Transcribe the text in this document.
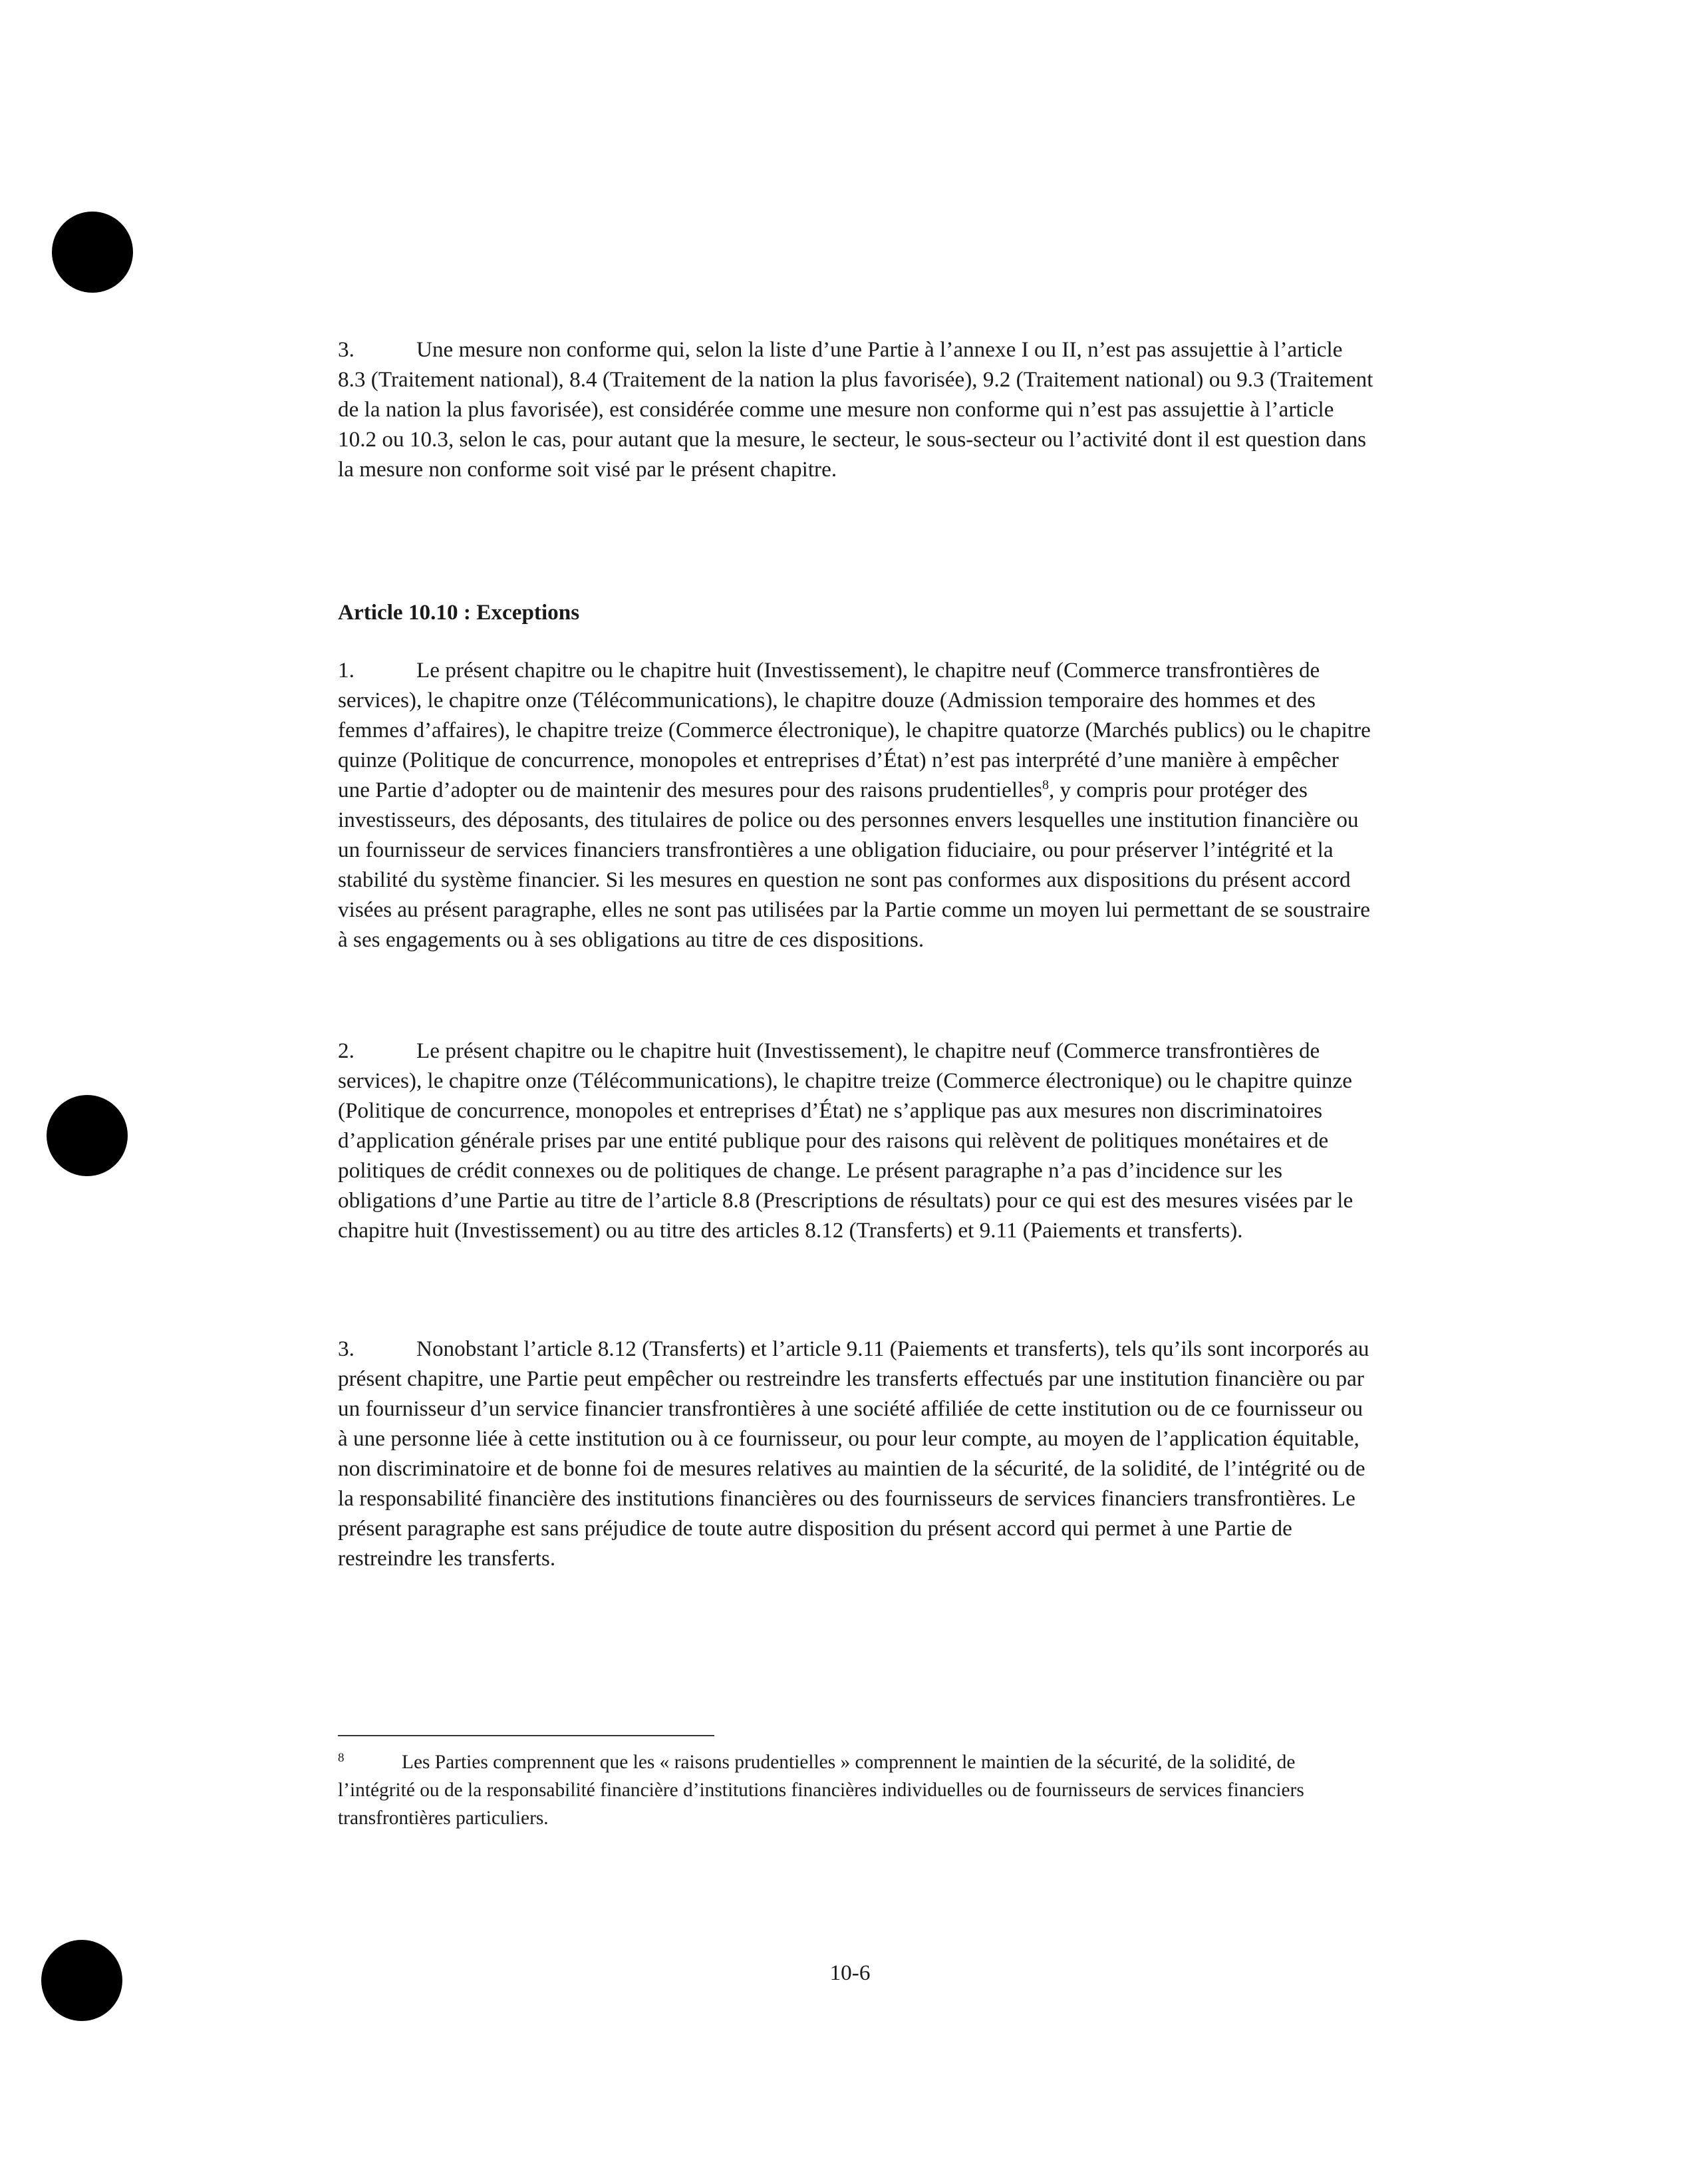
3.	Une mesure non conforme qui, selon la liste d’une Partie à l’annexe I ou II, n’est pas assujettie à l’article 8.3 (Traitement national), 8.4 (Traitement de la nation la plus favorisée), 9.2 (Traitement national) ou 9.3 (Traitement de la nation la plus favorisée), est considérée comme une mesure non conforme qui n’est pas assujettie à l’article 10.2 ou 10.3, selon le cas, pour autant que la mesure, le secteur, le sous-secteur ou l’activité dont il est question dans la mesure non conforme soit visé par le présent chapitre.

Article 10.10 : Exceptions

1.	Le présent chapitre ou le chapitre huit (Investissement), le chapitre neuf (Commerce transfrontières de services), le chapitre onze (Télécommunications), le chapitre douze (Admission temporaire des hommes et des femmes d’affaires), le chapitre treize (Commerce électronique), le chapitre quatorze (Marchés publics) ou le chapitre quinze (Politique de concurrence, monopoles et entreprises d’État) n’est pas interprété d’une manière à empêcher une Partie d’adopter ou de maintenir des mesures pour des raisons prudentielles$^8$, y compris pour protéger des investisseurs, des déposants, des titulaires de police ou des personnes envers lesquelles une institution financière ou un fournisseur de services financiers transfrontières a une obligation fiduciaire, ou pour préserver l’intégrité et la stabilité du système financier. Si les mesures en question ne sont pas conformes aux dispositions du présent accord visées au présent paragraphe, elles ne sont pas utilisées par la Partie comme un moyen lui permettant de se soustraire à ses engagements ou à ses obligations au titre de ces dispositions.

2.	Le présent chapitre ou le chapitre huit (Investissement), le chapitre neuf (Commerce transfrontières de services), le chapitre onze (Télécommunications), le chapitre treize (Commerce électronique) ou le chapitre quinze (Politique de concurrence, monopoles et entreprises d’État) ne s’applique pas aux mesures non discriminatoires d’application générale prises par une entité publique pour des raisons qui relèvent de politiques monétaires et de politiques de crédit connexes ou de politiques de change. Le présent paragraphe n’a pas d’incidence sur les obligations d’une Partie au titre de l’article 8.8 (Prescriptions de résultats) pour ce qui est des mesures visées par le chapitre huit (Investissement) ou au titre des articles 8.12 (Transferts) et 9.11 (Paiements et transferts).

3.	Nonobstant l’article 8.12 (Transferts) et l’article 9.11 (Paiements et transferts), tels qu’ils sont incorporés au présent chapitre, une Partie peut empêcher ou restreindre les transferts effectués par une institution financière ou par un fournisseur d’un service financier transfrontières à une société affiliée de cette institution ou de ce fournisseur ou à une personne liée à cette institution ou à ce fournisseur, ou pour leur compte, au moyen de l’application équitable, non discriminatoire et de bonne foi de mesures relatives au maintien de la sécurité, de la solidité, de l’intégrité ou de la responsabilité financière des institutions financières ou des fournisseurs de services financiers transfrontières. Le présent paragraphe est sans préjudice de toute autre disposition du présent accord qui permet à une Partie de restreindre les transferts.

8	Les Parties comprennent que les « raisons prudentielles » comprennent le maintien de la sécurité, de la solidité, de l’intégrité ou de la responsabilité financière d’institutions financières individuelles ou de fournisseurs de services financiers transfrontières particuliers.

10-6
